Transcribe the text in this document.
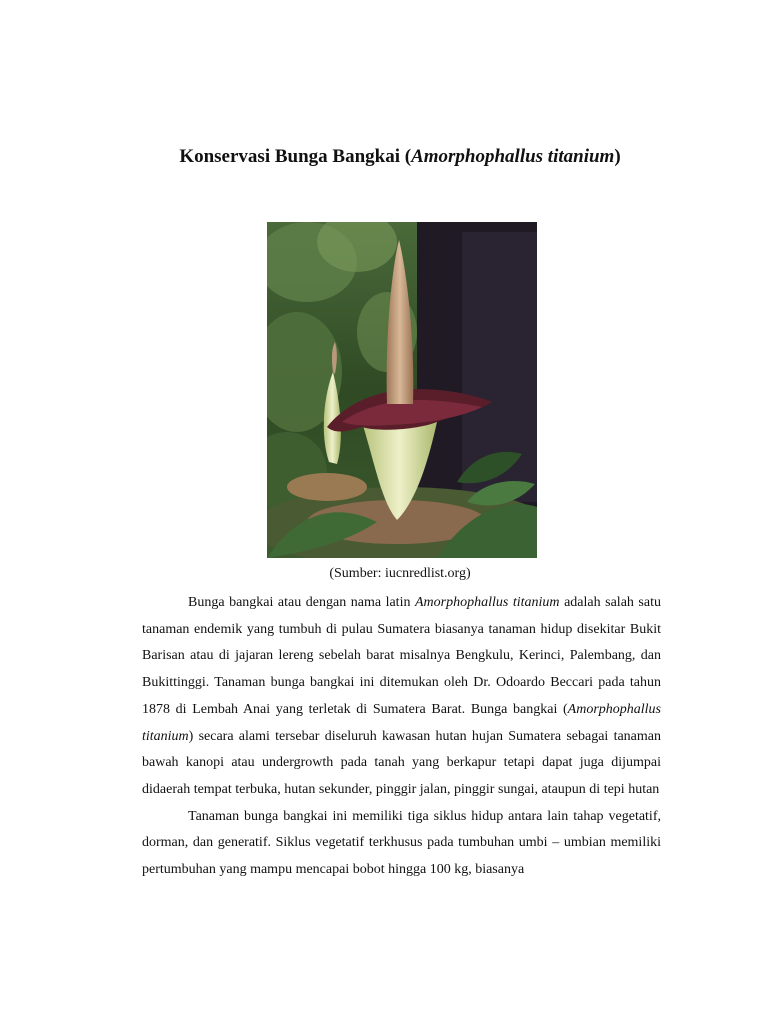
Konservasi Bunga Bangkai (Amorphophallus titanium)

(Sumber: iucnredlist.org)

Bunga bangkai atau dengan nama latin Amorphophallus titanium adalah salah satu tanaman endemik yang tumbuh di pulau Sumatera biasanya tanaman hidup disekitar Bukit Barisan atau di jajaran lereng sebelah barat misalnya Bengkulu, Kerinci, Palembang, dan Bukittinggi. Tanaman bunga bangkai ini ditemukan oleh Dr. Odoardo Beccari pada tahun 1878 di Lembah Anai yang terletak di Sumatera Barat. Bunga bangkai (Amorphophallus titanium) secara alami tersebar diseluruh kawasan hutan hujan Sumatera sebagai tanaman bawah kanopi atau undergrowth pada tanah yang berkapur tetapi dapat juga dijumpai didaerah tempat terbuka, hutan sekunder, pinggir jalan, pinggir sungai, ataupun di tepi hutan

Tanaman bunga bangkai ini memiliki tiga siklus hidup antara lain tahap vegetatif, dorman, dan generatif. Siklus vegetatif terkhusus pada tumbuhan umbi – umbian memiliki pertumbuhan yang mampu mencapai bobot hingga 100 kg, biasanya
